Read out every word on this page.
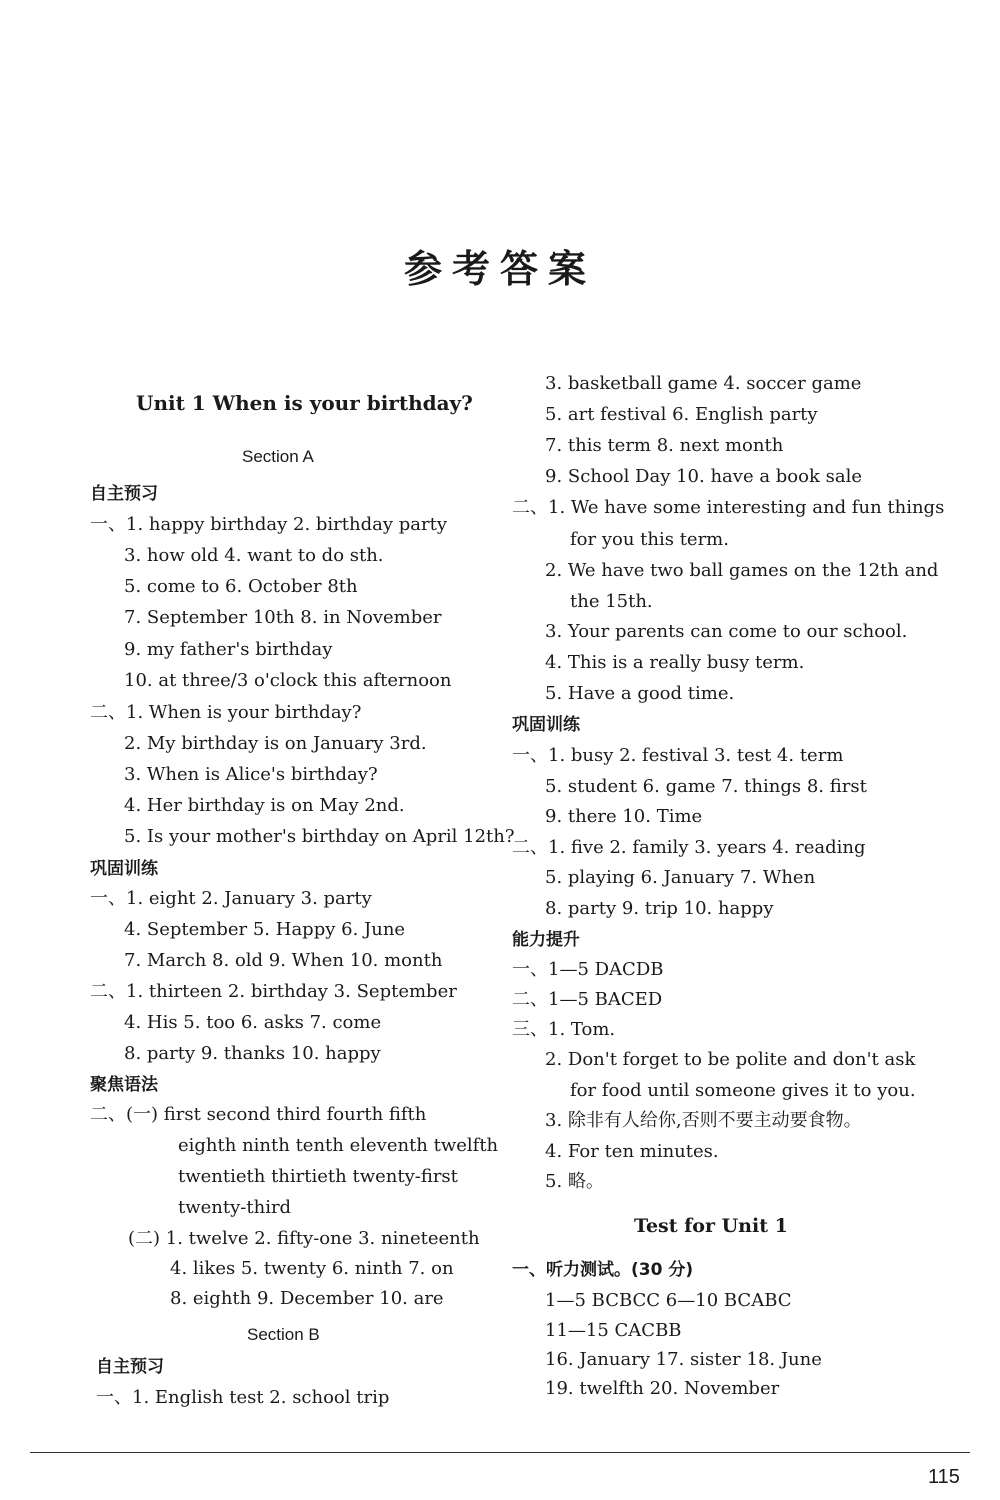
参考答案
Unit 1 When is your birthday?
Section A
自主预习
一、1. happy birthday 2. birthday party
3. how old 4. want to do sth.
5. come to 6. October 8th
7. September 10th 8. in November
9. my father's birthday
10. at three/3 o'clock this afternoon
二、1. When is your birthday?
2. My birthday is on January 3rd.
3. When is Alice's birthday?
4. Her birthday is on May 2nd.
5. Is your mother's birthday on April 12th?
巩固训练
一、1. eight 2. January 3. party
4. September 5. Happy 6. June
7. March 8. old 9. When 10. month
二、1. thirteen 2. birthday 3. September
4. His 5. too 6. asks 7. come
8. party 9. thanks 10. happy
聚焦语法
二、(一) first second third fourth fifth
eighth ninth tenth eleventh twelfth
twentieth thirtieth twenty-first
twenty-third
(二) 1. twelve 2. fifty-one 3. nineteenth
4. likes 5. twenty 6. ninth 7. on
8. eighth 9. December 10. are
Section B
自主预习
一、1. English test 2. school trip
3. basketball game 4. soccer game
5. art festival 6. English party
7. this term 8. next month
9. School Day 10. have a book sale
二、1. We have some interesting and fun things
for you this term.
2. We have two ball games on the 12th and
the 15th.
3. Your parents can come to our school.
4. This is a really busy term.
5. Have a good time.
巩固训练
一、1. busy 2. festival 3. test 4. term
5. student 6. game 7. things 8. first
9. there 10. Time
二、1. five 2. family 3. years 4. reading
5. playing 6. January 7. When
8. party 9. trip 10. happy
能力提升
一、1—5 DACDB
二、1—5 BACED
三、1. Tom.
2. Don't forget to be polite and don't ask
for food until someone gives it to you.
3. 除非有人给你,否则不要主动要食物。
4. For ten minutes.
5. 略。
Test for Unit 1
一、听力测试。(30 分)
1—5 BCBCC 6—10 BCABC
11—15 CACBB
16. January 17. sister 18. June
19. twelfth 20. November
115
